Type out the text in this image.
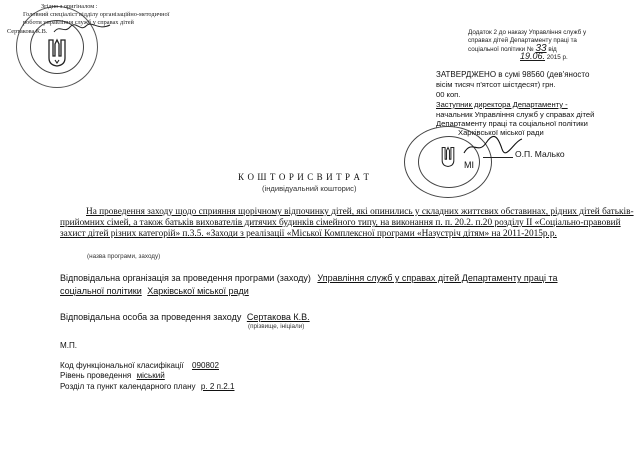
Згідно з оригіналом :
Головний спеціаліст відділу організаційно-методичної
роботи управління служб у справах дітей
Сертакова К.В.	Додаток 2 до наказу Управління служб у
справах дітей Департаменту праці та
соціальної політики № 33 від
19.06. 2015 р.
ЗАТВЕРДЖЕНО в сумі 98560 (дев'яносто
вісім тисяч п'ятсот шістдесят) грн.
00 коп.
Заступник директора Департаменту -
начальник Управління служб у справах дітей
Департаменту праці та соціальної політики
Харківської міської ради
МІ
О.П. Малько
К О Ш Т О Р И С В И Т Р А Т
(індивідуальний кошторис)
На проведення заходу щодо сприяння щорічному відпочинку дітей, які опинились у складних життєвих обставинах, рідних дітей батьків-прийомних сімей, а також батьків вихователів дитячих будинків сімейного типу, на виконання п. п. 20.2. п.20 розділу ІІ «Соціально-правовий захист дітей різних категорій» п.3.5. «Заходи з реалізації «Міської Комплексної програми «Назустріч дітям» на 2011-2015р.р.
(назва програми, заходу)
Відповідальна організація за проведення програми (заходу) Управління служб у справах дітей Департаменту праці та
соціальної політики Харківської міської ради
Відповідальна особа за проведення заходу Сертакова К.В.
(прізвище, ініціали)
М.П.
Код функціональної класифікації 090802
Рівень проведення міський
Розділ та пункт календарного плану р. 2 п.2.1
